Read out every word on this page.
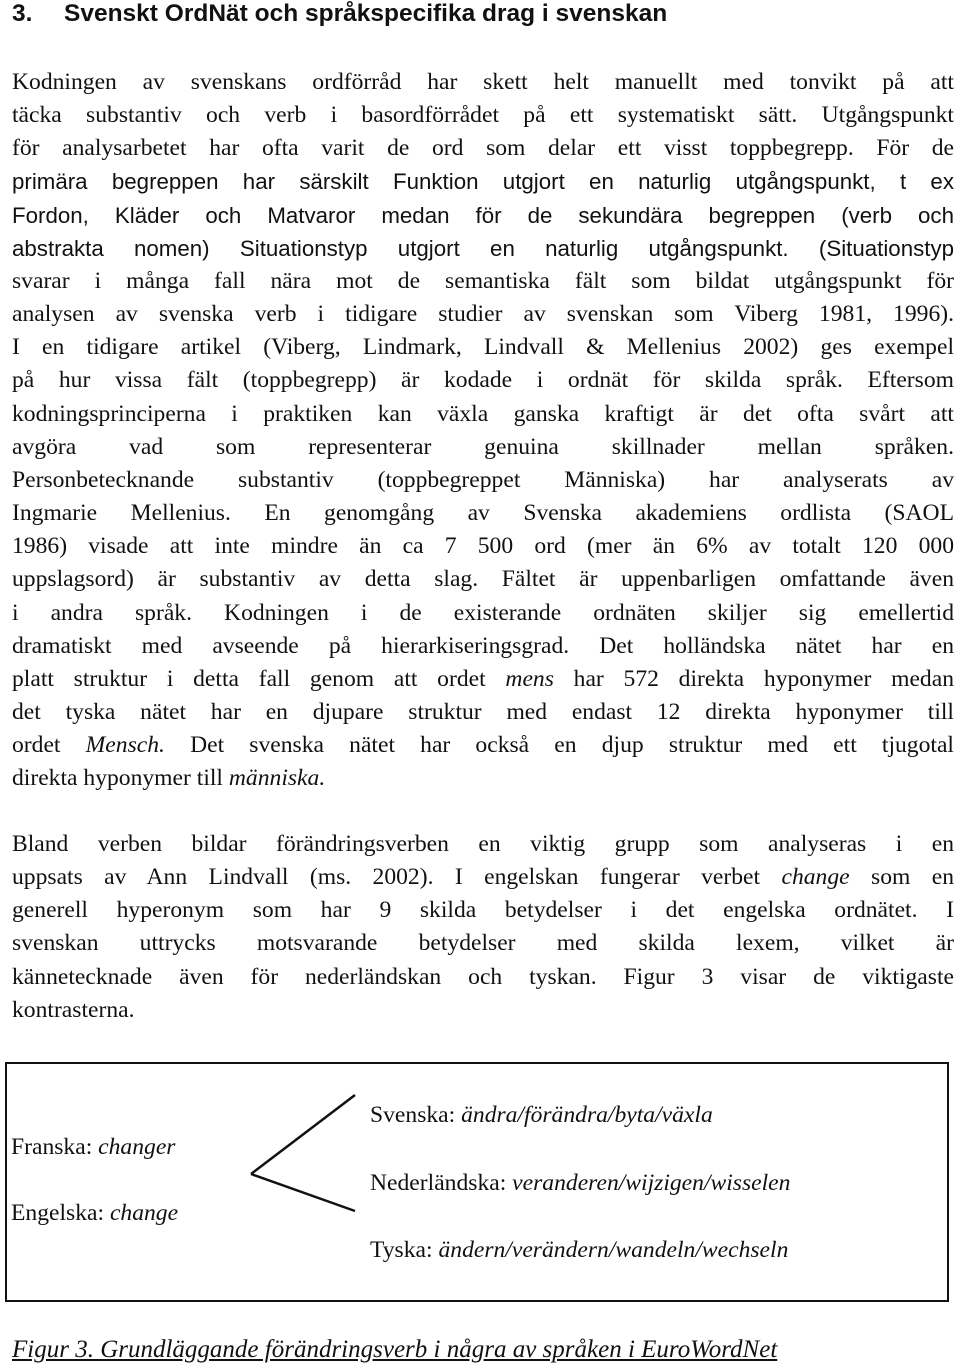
3. Svenskt OrdNät och språkspecifika drag i svenskan
Kodningen av svenskans ordförråd har skett helt manuellt med tonvikt på att
täcka substantiv och verb i basordförrådet på ett systematiskt sätt. Utgångspunkt
för analysarbetet har ofta varit de ord som delar ett visst toppbegrepp. För de
primära begreppen har särskilt Funktion utgjort en naturlig utgångspunkt, t ex
Fordon, Kläder och Matvaror medan för de sekundära begreppen (verb och
abstrakta nomen) Situationstyp utgjort en naturlig utgångspunkt. (Situationstyp
svarar i många fall nära mot de semantiska fält som bildat utgångspunkt för
analysen av svenska verb i tidigare studier av svenskan som Viberg 1981, 1996).
I en tidigare artikel (Viberg, Lindmark, Lindvall & Mellenius 2002) ges exempel
på hur vissa fält (toppbegrepp) är kodade i ordnät för skilda språk. Eftersom
kodningsprinciperna i praktiken kan växla ganska kraftigt är det ofta svårt att
avgöra vad som representerar genuina skillnader mellan språken.
Personbetecknande substantiv (toppbegreppet Människa) har analyserats av
Ingmarie Mellenius. En genomgång av Svenska akademiens ordlista (SAOL
1986) visade att inte mindre än ca 7 500 ord (mer än 6% av totalt 120 000
uppslagsord) är substantiv av detta slag. Fältet är uppenbarligen omfattande även
i andra språk. Kodningen i de existerande ordnäten skiljer sig emellertid
dramatiskt med avseende på hierarkiseringsgrad. Det holländska nätet har en
platt struktur i detta fall genom att ordet mens har 572 direkta hyponymer medan
det tyska nätet har en djupare struktur med endast 12 direkta hyponymer till
ordet Mensch. Det svenska nätet har också en djup struktur med ett tjugotal
direkta hyponymer till människa.
Bland verben bildar förändringsverben en viktig grupp som analyseras i en
uppsats av Ann Lindvall (ms. 2002). I engelskan fungerar verbet change som en
generell hyperonym som har 9 skilda betydelser i det engelska ordnätet. I
svenskan uttrycks motsvarande betydelser med skilda lexem, vilket är
kännetecknade även för nederländskan och tyskan. Figur 3 visar de viktigaste
kontrasterna.
Figur 3. Grundläggande förändringsverb i några av språken i EuroWordNet
Franska: changer
Engelska: change
Svenska: ändra/förändra/byta/växla
Nederländska: veranderen/wijzigen/wisselen
Tyska: ändern/verändern/wandeln/wechseln
